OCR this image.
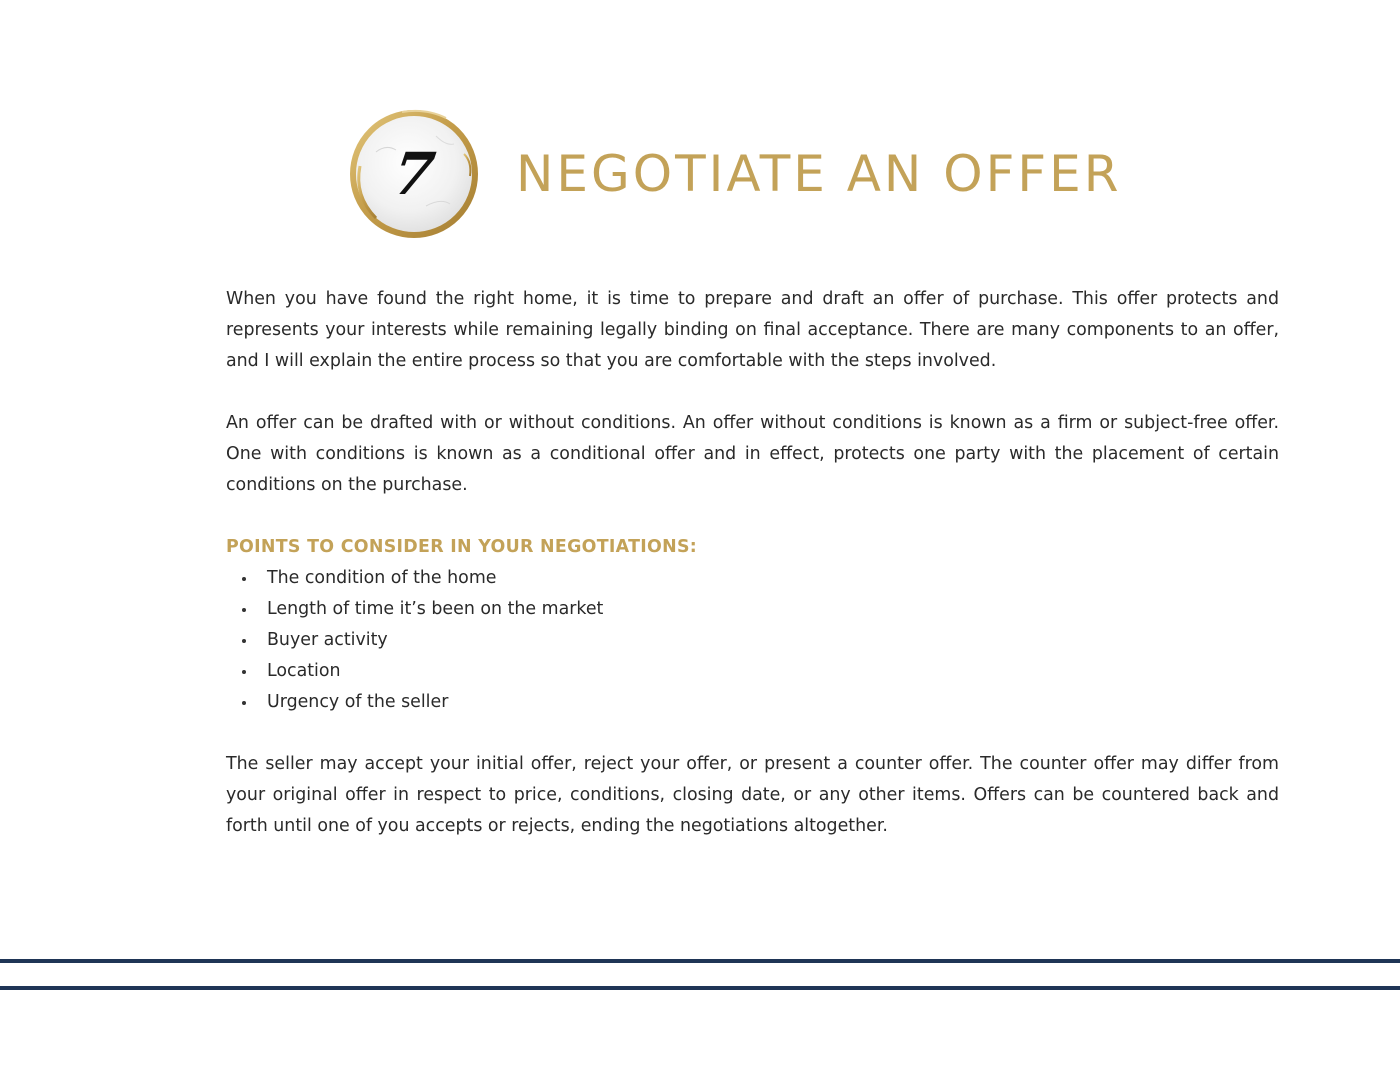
7	NEGOTIATE AN OFFER

When you have found the right home, it is time to prepare and draft an offer of purchase. This offer protects and represents your interests while remaining legally binding on final acceptance. There are many components to an offer, and I will explain the entire process so that you are comfortable with the steps involved.

An offer can be drafted with or without conditions. An offer without conditions is known as a firm or subject-free offer. One with conditions is known as a conditional offer and in effect, protects one party with the placement of certain conditions on the purchase.

POINTS TO CONSIDER IN YOUR NEGOTIATIONS:
The condition of the home
Length of time it’s been on the market
Buyer activity
Location
Urgency of the seller

The seller may accept your initial offer, reject your offer, or present a counter offer. The counter offer may differ from your original offer in respect to price, conditions, closing date, or any other items. Offers can be countered back and forth until one of you accepts or rejects, ending the negotiations altogether.
